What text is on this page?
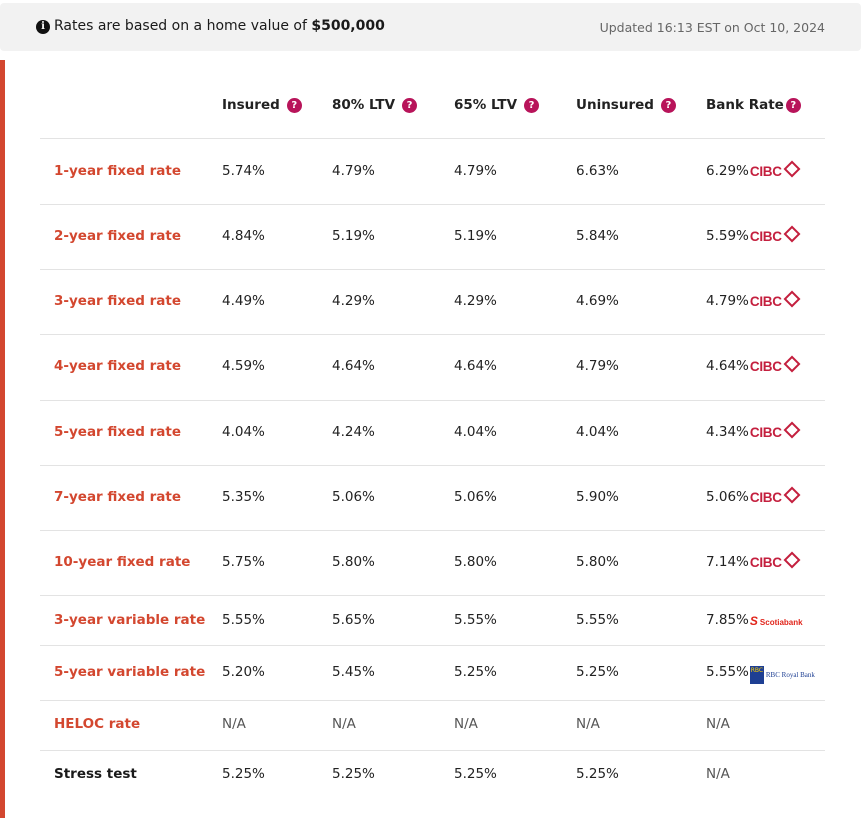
i Rates are based on a home value of $500,000	Updated 16:13 EST on Oct 10, 2024
Insured ?	80% LTV ?	65% LTV ?	Uninsured ?	Bank Rate ?
1-year fixed rate	5.74%	4.79%	4.79%	6.63%	6.29%CIBC
2-year fixed rate	4.84%	5.19%	5.19%	5.84%	5.59%CIBC
3-year fixed rate	4.49%	4.29%	4.29%	4.69%	4.79%CIBC
4-year fixed rate	4.59%	4.64%	4.64%	4.79%	4.64%CIBC
5-year fixed rate	4.04%	4.24%	4.04%	4.04%	4.34%CIBC
7-year fixed rate	5.35%	5.06%	5.06%	5.90%	5.06%CIBC
10-year fixed rate 5.75%	5.80%	5.80%	5.80%	7.14%CIBC
3-year variable rate 5.55%	5.65%	5.55%	5.55%	7.85%S Scotiabank
5-year variable rate 5.20%	5.45%	5.25%	5.25%	5.55% RBCRBC Royal Bank
HELOC rate	N/A	N/A	N/A	N/A	N/A
Stress test	5.25%	5.25%	5.25%	5.25%	N/A
